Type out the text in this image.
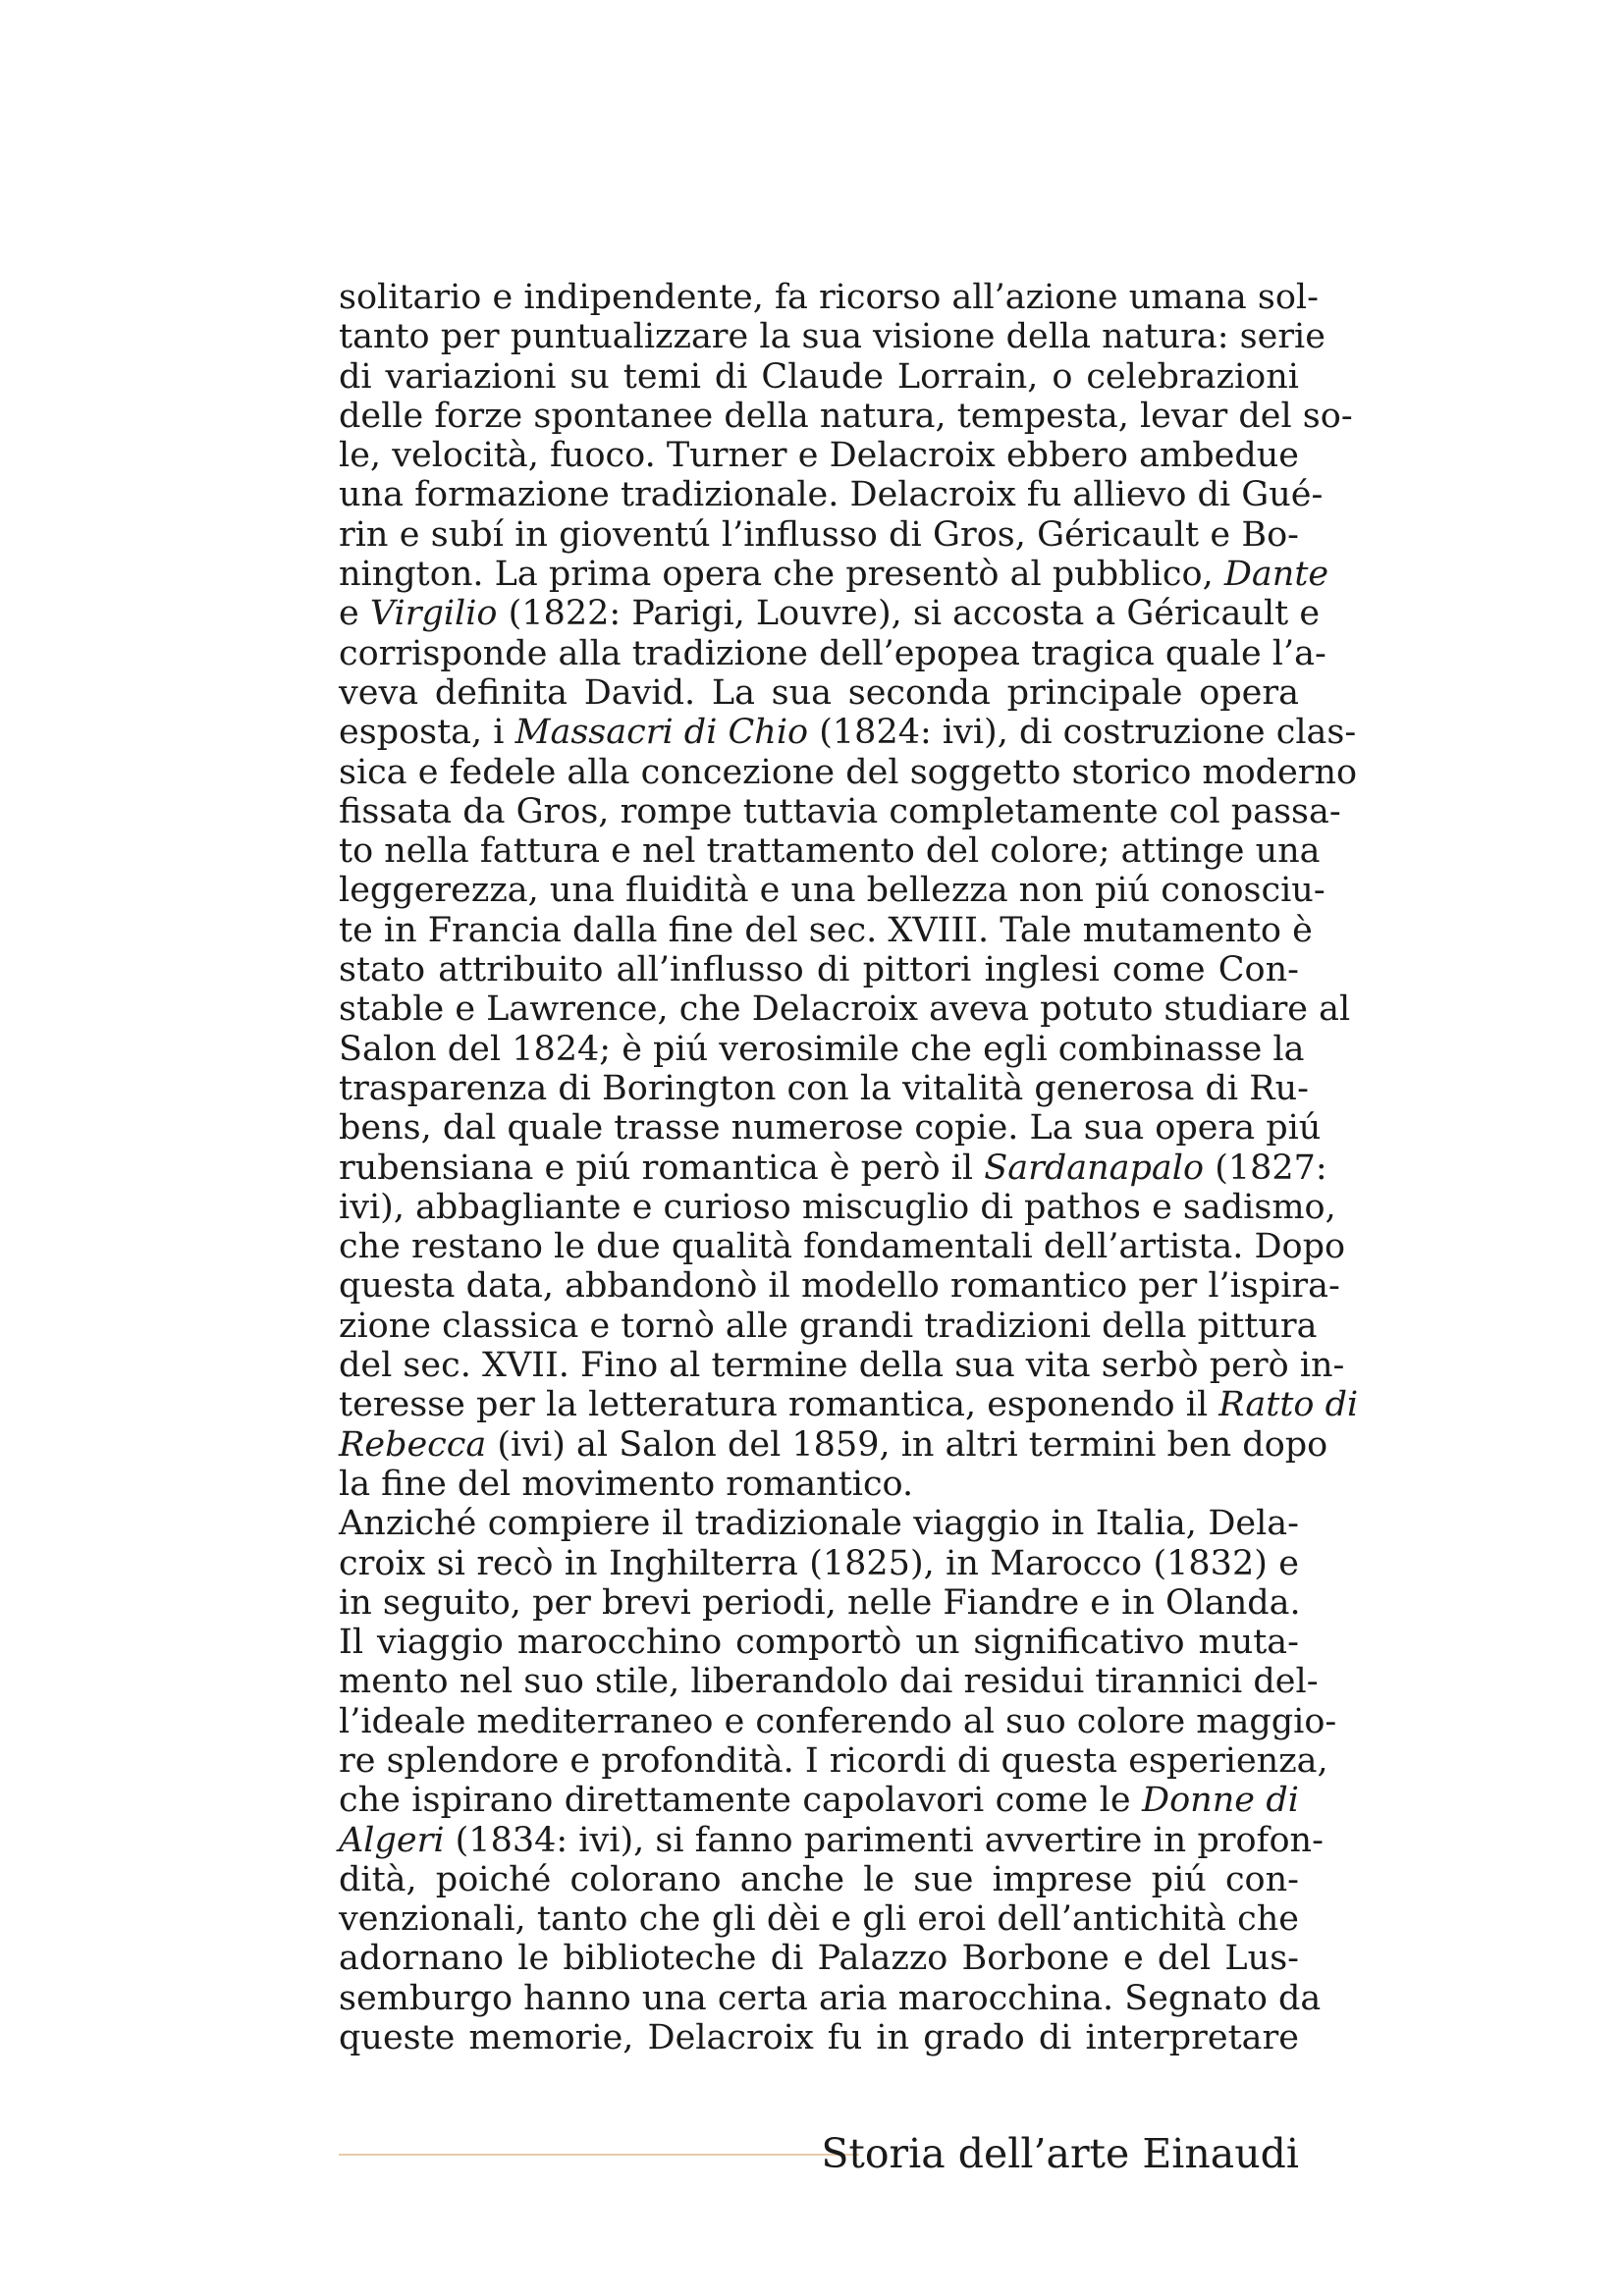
solitario e indipendente, fa ricorso all’azione umana sol-
tanto per puntualizzare la sua visione della natura: serie
di variazioni su temi di Claude Lorrain, o celebrazioni
delle forze spontanee della natura, tempesta, levar del so-
le, velocità, fuoco. Turner e Delacroix ebbero ambedue
una formazione tradizionale. Delacroix fu allievo di Gué-
rin e subí in gioventú l’influsso di Gros, Géricault e Bo-
nington. La prima opera che presentò al pubblico, Dante
e Virgilio (1822: Parigi, Louvre), si accosta a Géricault e
corrisponde alla tradizione dell’epopea tragica quale l’a-
veva definita David. La sua seconda principale opera
esposta, i Massacri di Chio (1824: ivi), di costruzione clas-
sica e fedele alla concezione del soggetto storico moderno
fissata da Gros, rompe tuttavia completamente col passa-
to nella fattura e nel trattamento del colore; attinge una
leggerezza, una fluidità e una bellezza non piú conosciu-
te in Francia dalla fine del sec. XVIII. Tale mutamento è
stato attribuito all’influsso di pittori inglesi come Con-
stable e Lawrence, che Delacroix aveva potuto studiare al
Salon del 1824; è piú verosimile che egli combinasse la
trasparenza di Borington con la vitalità generosa di Ru-
bens, dal quale trasse numerose copie. La sua opera piú
rubensiana e piú romantica è però il Sardanapalo (1827:
ivi), abbagliante e curioso miscuglio di pathos e sadismo,
che restano le due qualità fondamentali dell’artista. Dopo
questa data, abbandonò il modello romantico per l’ispira-
zione classica e tornò alle grandi tradizioni della pittura
del sec. XVII. Fino al termine della sua vita serbò però in-
teresse per la letteratura romantica, esponendo il Ratto di
Rebecca (ivi) al Salon del 1859, in altri termini ben dopo
la fine del movimento romantico.
Anziché compiere il tradizionale viaggio in Italia, Dela-
croix si recò in Inghilterra (1825), in Marocco (1832) e
in seguito, per brevi periodi, nelle Fiandre e in Olanda.
Il viaggio marocchino comportò un significativo muta-
mento nel suo stile, liberandolo dai residui tirannici del-
l’ideale mediterraneo e conferendo al suo colore maggio-
re splendore e profondità. I ricordi di questa esperienza,
che ispirano direttamente capolavori come le Donne di
Algeri (1834: ivi), si fanno parimenti avvertire in profon-
dità, poiché colorano anche le sue imprese piú con-
venzionali, tanto che gli dèi e gli eroi dell’antichità che
adornano le biblioteche di Palazzo Borbone e del Lus-
semburgo hanno una certa aria marocchina. Segnato da
queste memorie, Delacroix fu in grado di interpretare
Storia dell’arte Einaudi
